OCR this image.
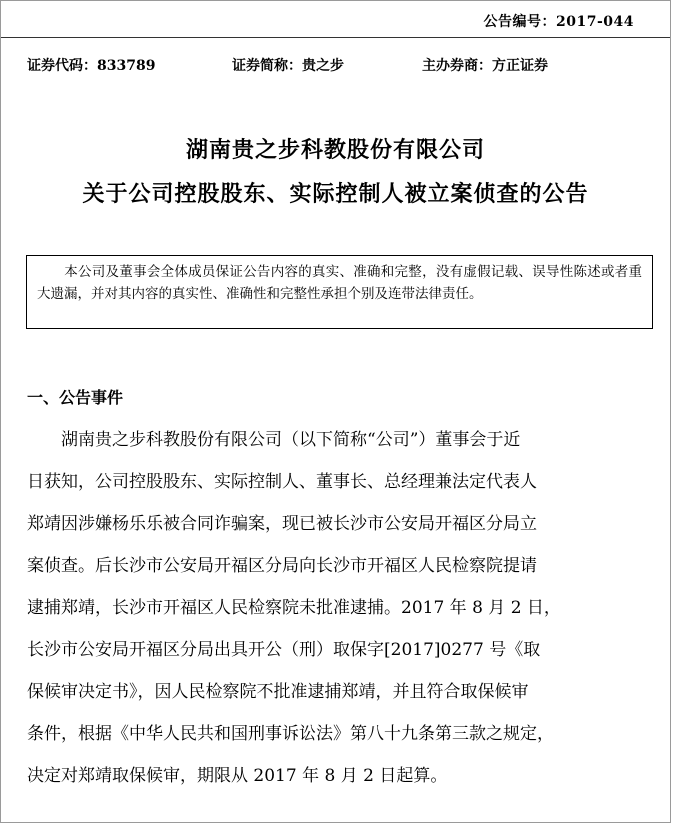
公告编号：2017-044
证券代码：833789	证券简称：贵之步	主办券商：方正证券
湖南贵之步科教股份有限公司
关于公司控股股东、实际控制人被立案侦查的公告
本公司及董事会全体成员保证公告内容的真实、准确和完整，没有虚假记载、误导性陈述或者重大遗漏，并对其内容的真实性、准确性和完整性承担个别及连带法律责任。
一、公告事件
湖南贵之步科教股份有限公司（以下简称“公司”）董事会于近
日获知，公司控股股东、实际控制人、董事长、总经理兼法定代表人
郑靖因涉嫌杨乐乐被合同诈骗案，现已被长沙市公安局开福区分局立
案侦查。后长沙市公安局开福区分局向长沙市开福区人民检察院提请
逮捕郑靖，长沙市开福区人民检察院未批准逮捕。2017 年 8 月 2 日，
长沙市公安局开福区分局出具开公（刑）取保字[2017]0277 号《取
保候审决定书》，因人民检察院不批准逮捕郑靖，并且符合取保候审
条件，根据《中华人民共和国刑事诉讼法》第八十九条第三款之规定，
决定对郑靖取保候审，期限从 2017 年 8 月 2 日起算。
